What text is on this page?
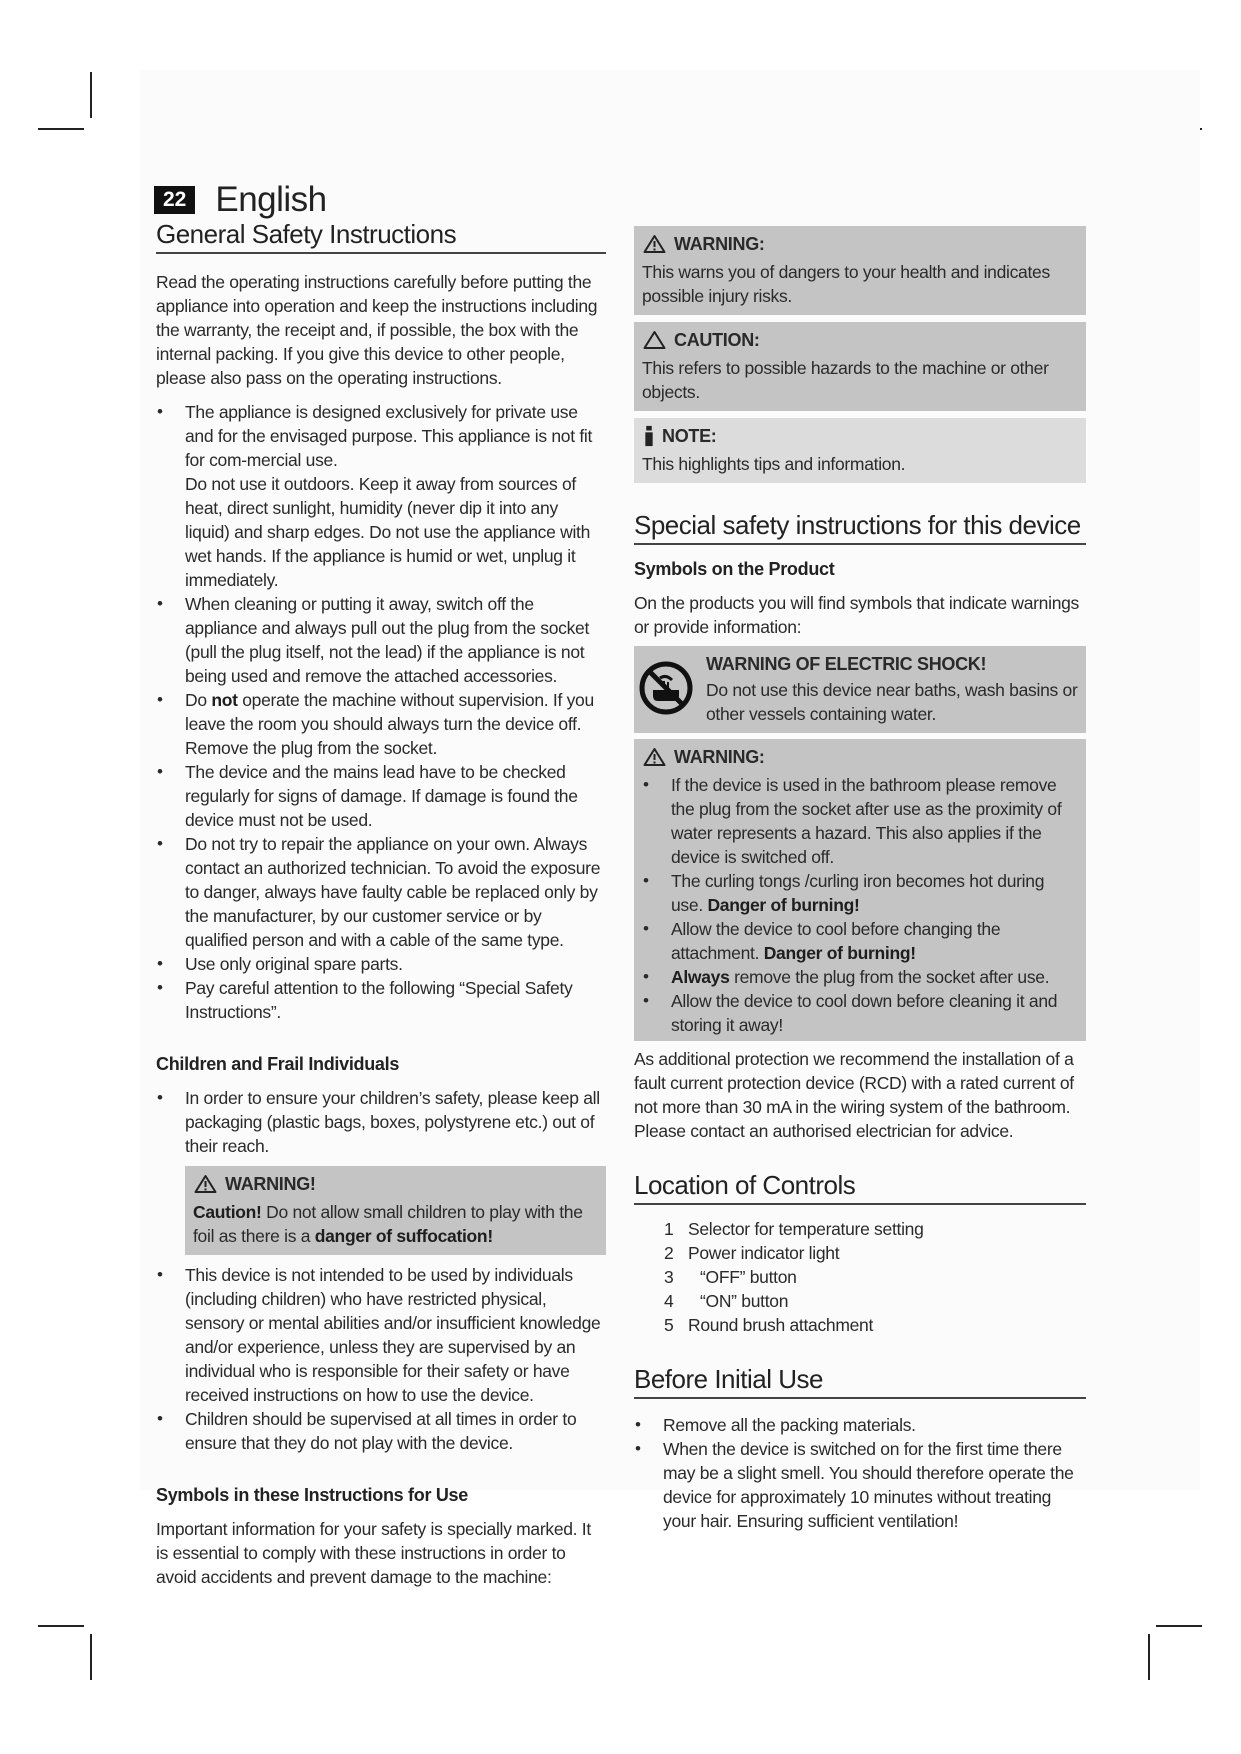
22 English
General Safety Instructions

Read the operating instructions carefully before putting the appliance into operation and keep the instructions including the warranty, the receipt and, if possible, the box with the internal packing. If you give this device to other people, please also pass on the operating instructions.

• The appliance is designed exclusively for private use and for the envisaged purpose. This appliance is not fit for com-mercial use.
Do not use it outdoors. Keep it away from sources of heat, direct sunlight, humidity (never dip it into any liquid) and sharp edges. Do not use the appliance with wet hands. If the appliance is humid or wet, unplug it immediately.
• When cleaning or putting it away, switch off the appliance and always pull out the plug from the socket (pull the plug itself, not the lead) if the appliance is not being used and remove the attached accessories.
• Do not operate the machine without supervision. If you leave the room you should always turn the device off. Remove the plug from the socket.
• The device and the mains lead have to be checked regularly for signs of damage. If damage is found the device must not be used.
• Do not try to repair the appliance on your own. Always contact an authorized technician. To avoid the exposure to danger, always have faulty cable be replaced only by the manufacturer, by our customer service or by qualified person and with a cable of the same type.
• Use only original spare parts.
• Pay careful attention to the following “Special Safety Instructions”.
Children and Frail Individuals
• In order to ensure your children’s safety, please keep all packaging (plastic bags, boxes, polystyrene etc.) out of their reach.
WARNING!

Caution! Do not allow small children to play with the foil as there is a danger of suffocation!

• This device is not intended to be used by individuals (including children) who have restricted physical, sensory or mental abilities and/or insufficient knowledge and/or experience, unless they are supervised by an individual who is responsible for their safety or have received instructions on how to use the device.
• Children should be supervised at all times in order to ensure that they do not play with the device.
Symbols in these Instructions for Use

Important information for your safety is specially marked. It is essential to comply with these instructions in order to avoid accidents and prevent damage to the machine:

WARNING:

This warns you of dangers to your health and indicates possible injury risks.

CAUTION:

This refers to possible hazards to the machine or other objects.

NOTE:

This highlights tips and information.

Special safety instructions for this device
Symbols on the Product

On the products you will find symbols that indicate warnings or provide information:

WARNING OF ELECTRIC SHOCK!

Do not use this device near baths, wash basins or other vessels containing water.

WARNING:
• If the device is used in the bathroom please remove the plug from the socket after use as the proximity of water represents a hazard. This also applies if the device is switched off.
• The curling tongs /curling iron becomes hot during use. Danger of burning!
• Allow the device to cool before changing the attachment. Danger of burning!
• Always remove the plug from the socket after use.
• Allow the device to cool down before cleaning it and storing it away!

As additional protection we recommend the installation of a fault current protection device (RCD) with a rated current of not more than 30 mA in the wiring system of the bathroom. Please contact an authorised electrician for advice.

Location of Controls
1 Selector for temperature setting
2 Power indicator light
3	“OFF” button
4	“ON” button
5 Round brush attachment
Before Initial Use
• Remove all the packing materials.
• When the device is switched on for the first time there may be a slight smell. You should therefore operate the device for approximately 10 minutes without treating your hair. Ensuring sufficient ventilation!
